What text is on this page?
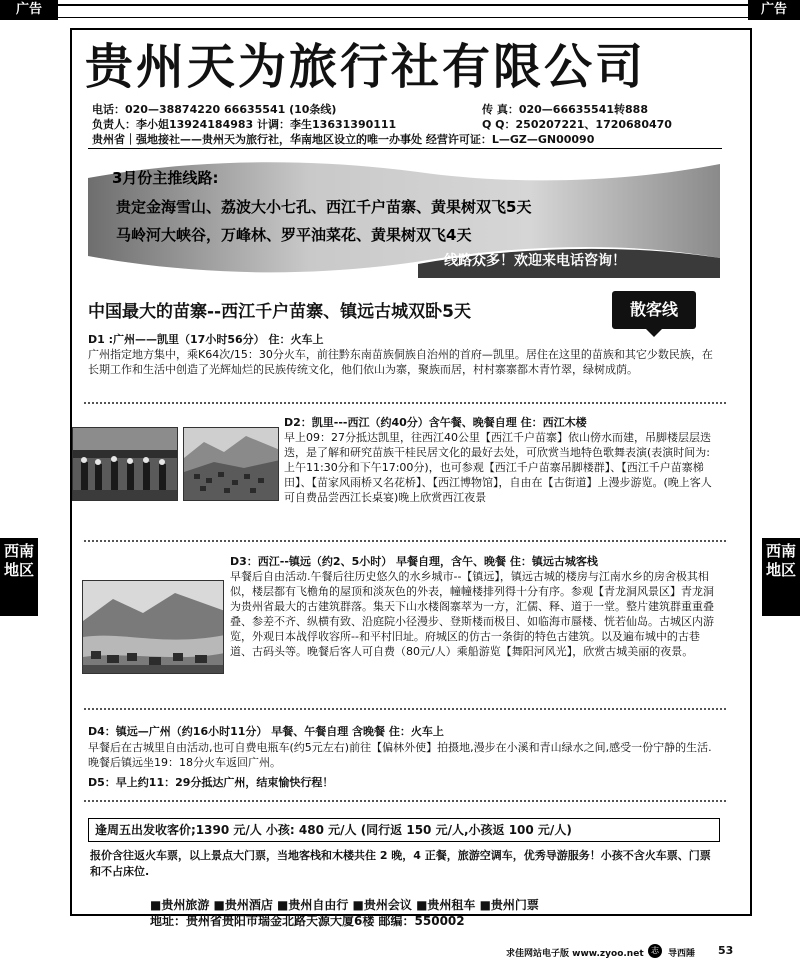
广告	广告
西南地区
西南地区
贵州天为旅行社有限公司
电话：020—38874220 66635541 (10条线)	传 真：020—66635541转888
负责人：李小姐13924184983 计调：李生13631390111	Q Q：250207221、1720680470
贵州省｜强地接社——贵州天为旅行社，华南地区设立的唯一办事处 经营许可证：L—GZ—GN00090
3月份主推线路:
贵定金海雪山、荔波大小七孔、西江千户苗寨、黄果树双飞5天
马岭河大峡谷，万峰林、罗平油菜花、黄果树双飞4天
线路众多！欢迎来电话咨询！
中国最大的苗寨--西江千户苗寨、镇远古城双卧5天	散客线
D1 :广州——凯里（17小时56分） 住：火车上
广州指定地方集中，乘K64次/15：30分火车，前往黔东南苗族侗族自治州的首府—凯里。居住在这里的苗族和其它少数民族，在长期工作和生活中创造了光辉灿烂的民族传统文化，他们依山为寨，聚族而居，村村寨寨都木青竹翠，绿树成荫。
D2：凯里---西江（约40分）含午餐、晚餐自理 住：西江木楼
早上09：27分抵达凯里，往西江40公里【西江千户苗寨】依山傍水而建，吊脚楼层层迭迭，是了解和研究苗族干桂民居文化的最好去处，可欣赏当地特色歌舞表演(表演时间为:上午11:30分和下午17:00分)，也可参观【西江千户苗寨吊脚楼群】、【西江千户苗寨梯田】、【苗家风雨桥又名花桥】、【西江博物馆】，自由在【古街道】上漫步游览。(晚上客人可自费品尝西江长桌宴)晚上欣赏西江夜景
D3：西江--镇远（约2、5小时） 早餐自理，含午、晚餐 住：镇远古城客栈
早餐后自由活动.午餐后往历史悠久的水乡城市--【镇远】，镇远古城的楼房与江南水乡的房舍极其相似，楼层都有飞檐角的屋顶和淡灰色的外表，幢幢楼排列得十分有序。参观【青龙洞风景区】青龙洞为贵州省最大的古建筑群落。集天下山水楼阁寨萃为一方，汇儒、释、道于一堂。整片建筑群重重叠叠、参差不齐、纵横有致、沿庭院小径漫步、登斯楼而极目、如临海市蜃楼、恍若仙岛。古城区内游览，外观日本战俘收容所--和平村旧址。府城区的仿古一条街的特色古建筑。以及遍布城中的古巷道、古码头等。晚餐后客人可自费（80元/人）乘船游览【舞阳河风光】，欣赏古城美丽的夜景。
D4：镇远—广州（约16小时11分） 早餐、午餐自理 含晚餐 住：火车上
早餐后在古城里自由活动,也可自费电瓶车(约5元左右)前往【偏林外使】拍摄地,漫步在小溪和青山绿水之间,感受一份宁静的生活.晚餐后镇远坐19：18分火车返回广州。
D5：早上约11：29分抵达广州，结束愉快行程！
逢周五出发收客价;1390 元/人 小孩: 480 元/人 (同行返 150 元/人,小孩返 100 元/人)
报价含往返火车票，以上景点大门票，当地客栈和木楼共住 2 晚，4 正餐，旅游空调车，优秀导游服务！小孩不含火车票、门票和不占床位.
■贵州旅游 ■贵州酒店 ■贵州自由行 ■贵州会议 ■贵州租车 ■贵州门票
地址：贵州省贵阳市瑞金北路天源大厦6楼 邮编：550002
求佳网站电子版 www.zyoo.net 志	导西陲 53
